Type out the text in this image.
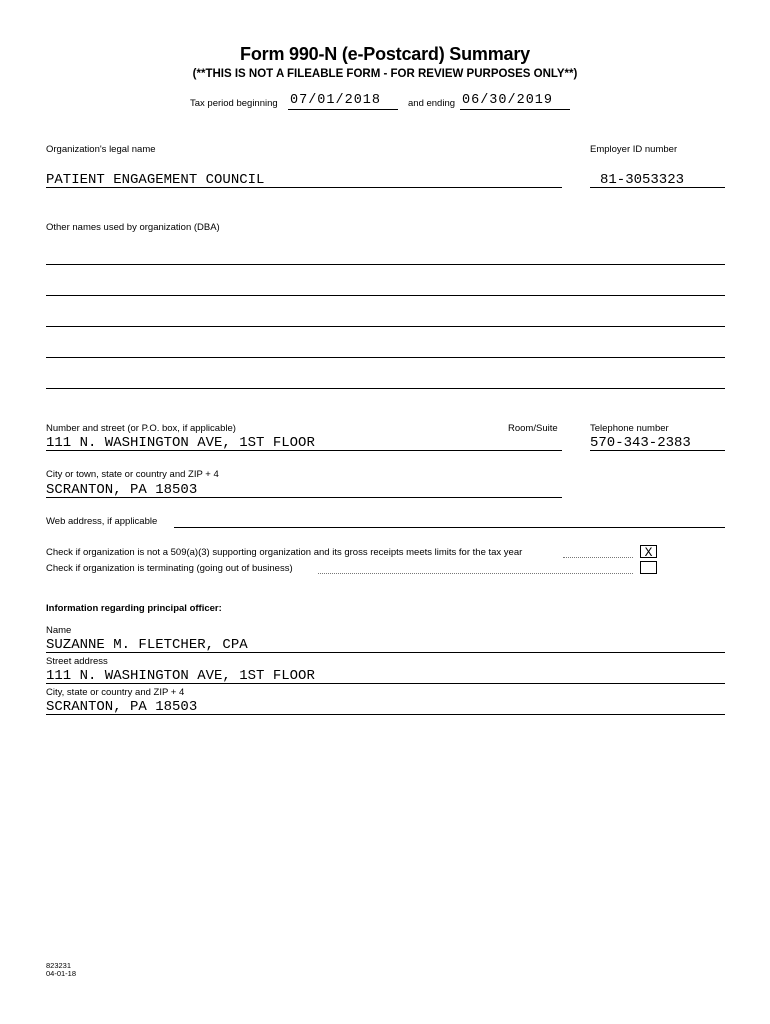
Form 990-N (e-Postcard) Summary
(**THIS IS NOT A FILEABLE FORM - FOR REVIEW PURPOSES ONLY**)
Tax period beginning 07/01/2018	and ending 06/30/2019
Organization's legal name	Employer ID number
PATIENT ENGAGEMENT COUNCIL	81-3053323
Other names used by organization (DBA)
Number and street (or P.O. box, if applicable)	Room/Suite	Telephone number
111 N. WASHINGTON AVE, 1ST FLOOR	570-343-2383
City or town, state or country and ZIP + 4
SCRANTON, PA 18503
Web address, if applicable
Check if organization is not a 509(a)(3) supporting organization and its gross receipts meets limits for the tax year	X
Check if organization is terminating (going out of business)
Information regarding principal officer:
Name
SUZANNE M. FLETCHER, CPA
Street address
111 N. WASHINGTON AVE, 1ST FLOOR
City, state or country and ZIP + 4
SCRANTON, PA 18503
823231
04-01-18
